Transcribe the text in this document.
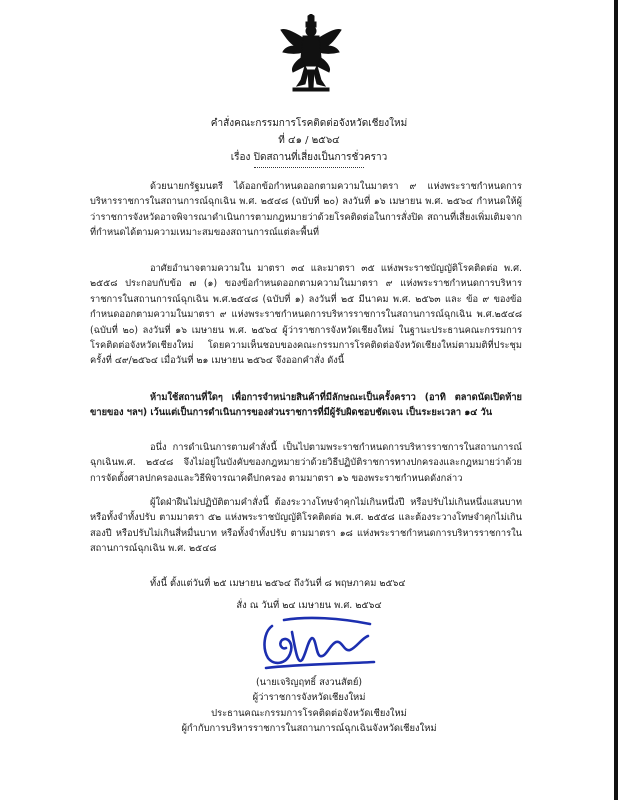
คำสั่งคณะกรรมการโรคติดต่อจังหวัดเชียงใหม่
ที่ ๔๑ / ๒๕๖๔
เรื่อง ปิดสถานที่เสี่ยงเป็นการชั่วคราว
ด้วยนายกรัฐมนตรี ได้ออกข้อกำหนดออกตามความในมาตรา ๙ แห่งพระราชกำหนดการบริหารราชการในสถานการณ์ฉุกเฉิน พ.ศ. ๒๕๔๘ (ฉบับที่ ๒๐) ลงวันที่ ๑๖ เมษายน พ.ศ. ๒๕๖๔ กำหนดให้ผู้ว่าราชการจังหวัดอาจพิจารณาดำเนินการตามกฎหมายว่าด้วยโรคติดต่อในการสั่งปิด สถานที่เสี่ยงเพิ่มเติมจากที่กำหนดได้ตามความเหมาะสมของสถานการณ์แต่ละพื้นที่
อาศัยอำนาจตามความใน มาตรา ๓๔ และมาตรา ๓๕ แห่งพระราชบัญญัติโรคติดต่อ พ.ศ. ๒๕๕๘ ประกอบกับข้อ ๗ (๑) ของข้อกำหนดออกตามความในมาตรา ๙ แห่งพระราชกำหนดการบริหารราชการในสถานการณ์ฉุกเฉิน พ.ศ.๒๕๔๘ (ฉบับที่ ๑) ลงวันที่ ๒๕ มีนาคม พ.ศ. ๒๕๖๓ และ ข้อ ๙ ของข้อกำหนดออกตามความในมาตรา ๙ แห่งพระราชกำหนดการบริหารราชการในสถานการณ์ฉุกเฉิน พ.ศ.๒๕๔๘ (ฉบับที่ ๒๐) ลงวันที่ ๑๖ เมษายน พ.ศ. ๒๕๖๔ ผู้ว่าราชการจังหวัดเชียงใหม่ ในฐานะประธานคณะกรรมการโรคติดต่อจังหวัดเชียงใหม่ โดยความเห็นชอบของคณะกรรมการโรคติดต่อจังหวัดเชียงใหม่ตามมติที่ประชุม ครั้งที่ ๔๙/๒๕๖๔ เมื่อวันที่ ๒๑ เมษายน ๒๕๖๔ จึงออกคำสั่ง ดังนี้
ห้ามใช้สถานที่ใดๆ เพื่อการจำหน่ายสินค้าที่มีลักษณะเป็นครั้งคราว (อาทิ ตลาดนัดเปิดท้ายขายของ ฯลฯ) เว้นแต่เป็นการดำเนินการของส่วนราชการที่มีผู้รับผิดชอบชัดเจน เป็นระยะเวลา ๑๔ วัน
อนึ่ง การดำเนินการตามคำสั่งนี้ เป็นไปตามพระราชกำหนดการบริหารราชการในสถานการณ์ฉุกเฉินพ.ศ. ๒๕๔๘ จึงไม่อยู่ในบังคับของกฎหมายว่าด้วยวิธีปฏิบัติราชการทางปกครองและกฎหมายว่าด้วยการจัดตั้งศาลปกครองและวิธีพิจารณาคดีปกครอง ตามมาตรา ๑๖ ของพระราชกำหนดดังกล่าว
ผู้ใดฝ่าฝืนไม่ปฏิบัติตามคำสั่งนี้ ต้องระวางโทษจำคุกไม่เกินหนึ่งปี หรือปรับไม่เกินหนึ่งแสนบาท หรือทั้งจำทั้งปรับ ตามมาตรา ๕๒ แห่งพระราชบัญญัติโรคติดต่อ พ.ศ. ๒๕๕๘ และต้องระวางโทษจำคุกไม่เกินสองปี หรือปรับไม่เกินสี่หมื่นบาท หรือทั้งจำทั้งปรับ ตามมาตรา ๑๘ แห่งพระราชกำหนดการบริหารราชการในสถานการณ์ฉุกเฉิน พ.ศ. ๒๕๔๘
ทั้งนี้ ตั้งแต่วันที่ ๒๕ เมษายน ๒๕๖๔ ถึงวันที่ ๘ พฤษภาคม ๒๕๖๔
สั่ง ณ วันที่ ๒๔ เมษายน พ.ศ. ๒๕๖๔
(นายเจริญฤทธิ์ สงวนสัตย์)
ผู้ว่าราชการจังหวัดเชียงใหม่
ประธานคณะกรรมการโรคติดต่อจังหวัดเชียงใหม่
ผู้กำกับการบริหารราชการในสถานการณ์ฉุกเฉินจังหวัดเชียงใหม่
